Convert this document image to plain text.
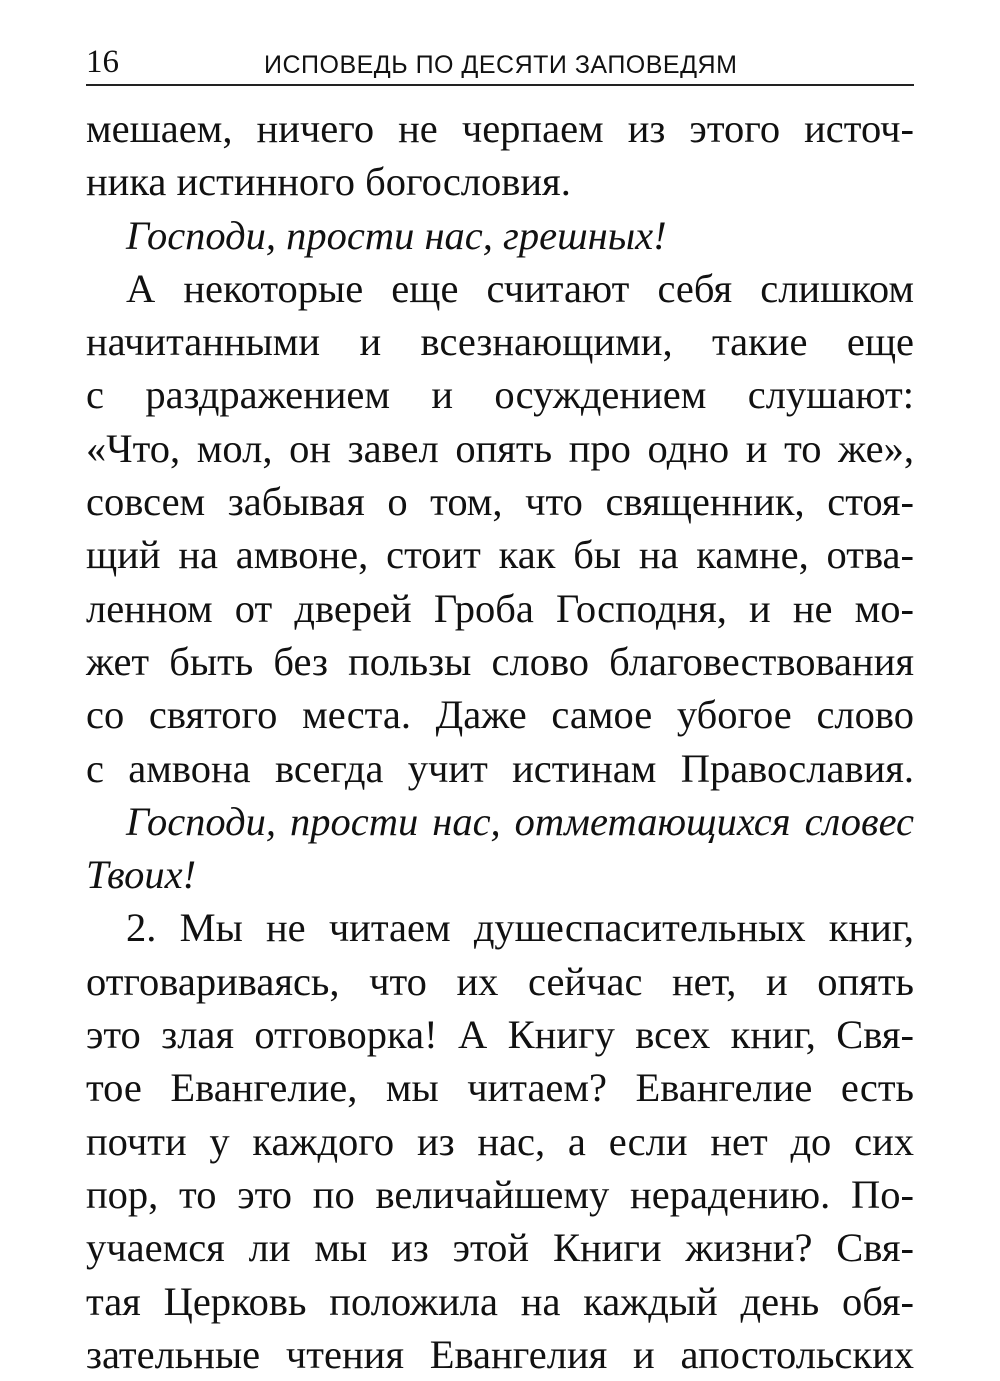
16	ИСПОВЕДЬ ПО ДЕСЯТИ ЗАПОВЕДЯМ
мешаем, ничего не черпаем из этого источ-
ника истинного богословия.
Господи, прости нас, грешных!
А некоторые еще считают себя слишком
начитанными и всезнающими, такие еще
с раздражением и осуждением слушают:
«Что, мол, он завел опять про одно и то же»,
совсем забывая о том, что священник, стоя-
щий на амвоне, стоит как бы на камне, отва-
ленном от дверей Гроба Господня, и не мо-
жет быть без пользы слово благовествования
со святого места. Даже самое убогое слово
с амвона всегда учит истинам Православия.
Господи, прости нас, отметающихся словес
Твоих!
2. Мы не читаем душеспасительных книг,
отговариваясь, что их сейчас нет, и опять
это злая отговорка! А Книгу всех книг, Свя-
тое Евангелие, мы читаем? Евангелие есть
почти у каждого из нас, а если нет до сих
пор, то это по величайшему нерадению. По-
учаемся ли мы из этой Книги жизни? Свя-
тая Церковь положила на каждый день обя-
зательные чтения Евангелия и апостольских
